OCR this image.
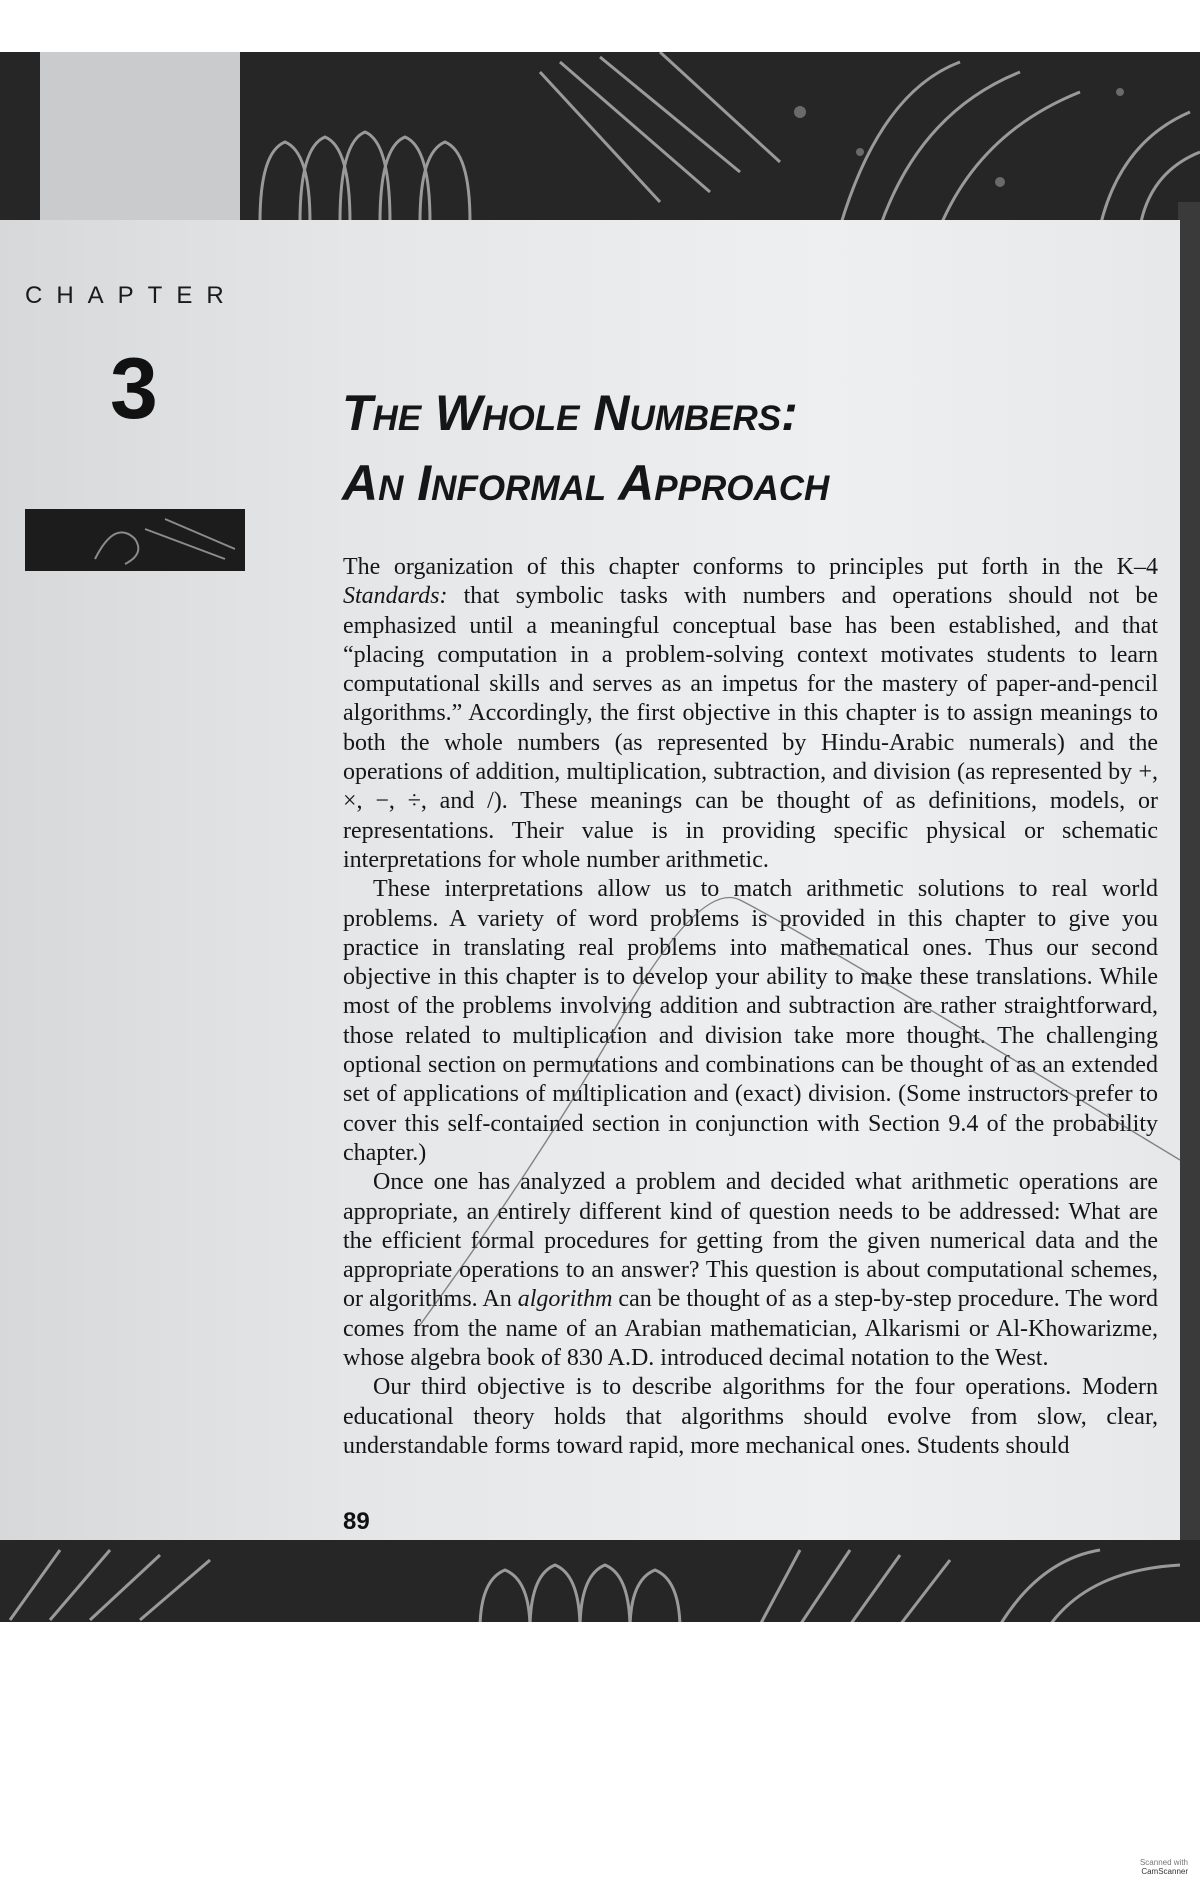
CHAPTER
3	The Whole Numbers:
An Informal Approach

The organization of this chapter conforms to principles put forth in the K–4 Standards: that symbolic tasks with numbers and operations should not be emphasized until a meaningful conceptual base has been established, and that “placing computation in a problem-solving context motivates students to learn computational skills and serves as an impetus for the mastery of paper-and-pencil algorithms.” Accordingly, the first objective in this chapter is to assign meanings to both the whole numbers (as represented by Hindu-Arabic numerals) and the operations of addition, multiplication, subtraction, and division (as represented by +, ×, −, ÷, and /). These meanings can be thought of as definitions, models, or representations. Their value is in providing specific physical or schematic interpretations for whole number arithmetic.

These interpretations allow us to match arithmetic solutions to real world problems. A variety of word problems is provided in this chapter to give you practice in translating real problems into mathematical ones. Thus our second objective in this chapter is to develop your ability to make these translations. While most of the problems involving addition and subtraction are rather straightforward, those related to multiplication and division take more thought. The challenging optional section on permutations and combinations can be thought of as an extended set of applications of multiplication and (exact) division. (Some instructors prefer to cover this self-contained section in conjunction with Section 9.4 of the probability chapter.)

Once one has analyzed a problem and decided what arithmetic operations are appropriate, an entirely different kind of question needs to be addressed: What are the efficient formal procedures for getting from the given numerical data and the appropriate operations to an answer? This question is about computational schemes, or algorithms. An algorithm can be thought of as a step-by-step procedure. The word comes from the name of an Arabian mathematician, Alkarismi or Al-Khowarizme, whose algebra book of 830 A.D. introduced decimal notation to the West.

Our third objective is to describe algorithms for the four operations. Modern educational theory holds that algorithms should evolve from slow, clear, understandable forms toward rapid, more mechanical ones. Students should

89
Scanned with
CamScanner
